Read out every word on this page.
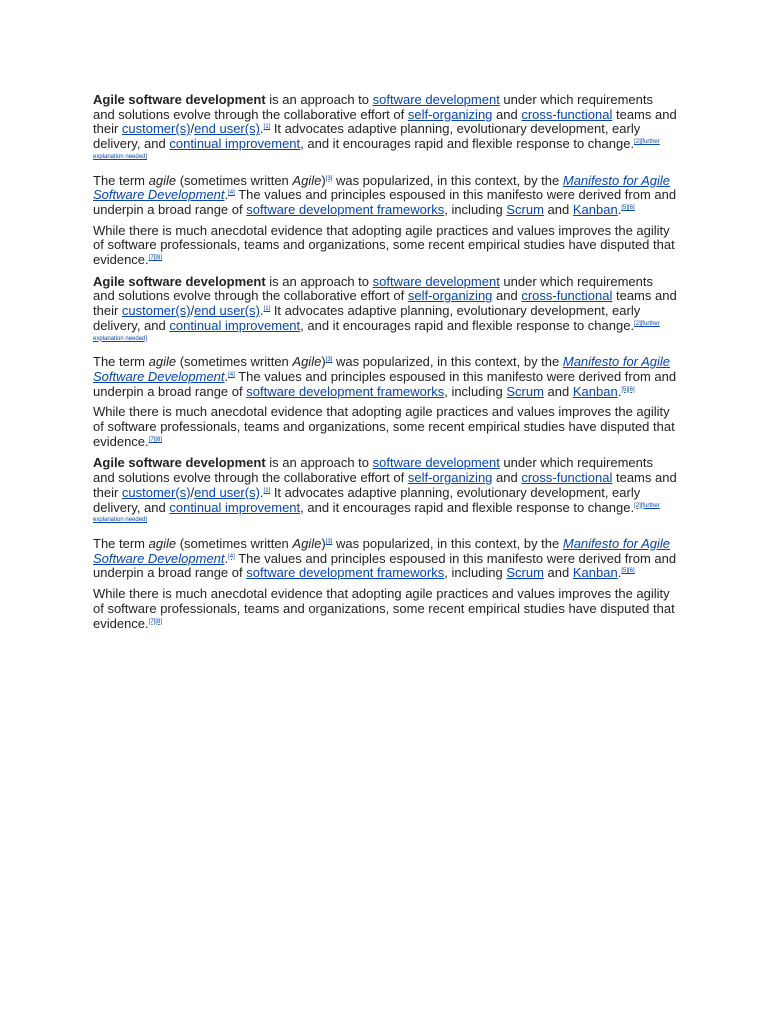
Agile software development is an approach to software development under which requirements and solutions evolve through the collaborative effort of self-organizing and cross-functional teams and their customer(s)/end user(s).[1] It advocates adaptive planning, evolutionary development, early delivery, and continual improvement, and it encourages rapid and flexible response to change.[2][further explanation needed]

The term agile (sometimes written Agile)[3] was popularized, in this context, by the Manifesto for Agile Software Development.[4] The values and principles espoused in this manifesto were derived from and underpin a broad range of software development frameworks, including Scrum and Kanban.[5][6]

While there is much anecdotal evidence that adopting agile practices and values improves the agility of software professionals, teams and organizations, some recent empirical studies have disputed that evidence.[7][8]

Agile software development is an approach to software development under which requirements and solutions evolve through the collaborative effort of self-organizing and cross-functional teams and their customer(s)/end user(s).[1] It advocates adaptive planning, evolutionary development, early delivery, and continual improvement, and it encourages rapid and flexible response to change.[2][further explanation needed]

The term agile (sometimes written Agile)[3] was popularized, in this context, by the Manifesto for Agile Software Development.[4] The values and principles espoused in this manifesto were derived from and underpin a broad range of software development frameworks, including Scrum and Kanban.[5][6]

While there is much anecdotal evidence that adopting agile practices and values improves the agility of software professionals, teams and organizations, some recent empirical studies have disputed that evidence.[7][8]

Agile software development is an approach to software development under which requirements and solutions evolve through the collaborative effort of self-organizing and cross-functional teams and their customer(s)/end user(s).[1] It advocates adaptive planning, evolutionary development, early delivery, and continual improvement, and it encourages rapid and flexible response to change.[2][further explanation needed]

The term agile (sometimes written Agile)[3] was popularized, in this context, by the Manifesto for Agile Software Development.[4] The values and principles espoused in this manifesto were derived from and underpin a broad range of software development frameworks, including Scrum and Kanban.[5][6]

While there is much anecdotal evidence that adopting agile practices and values improves the agility of software professionals, teams and organizations, some recent empirical studies have disputed that evidence.[7][8]
